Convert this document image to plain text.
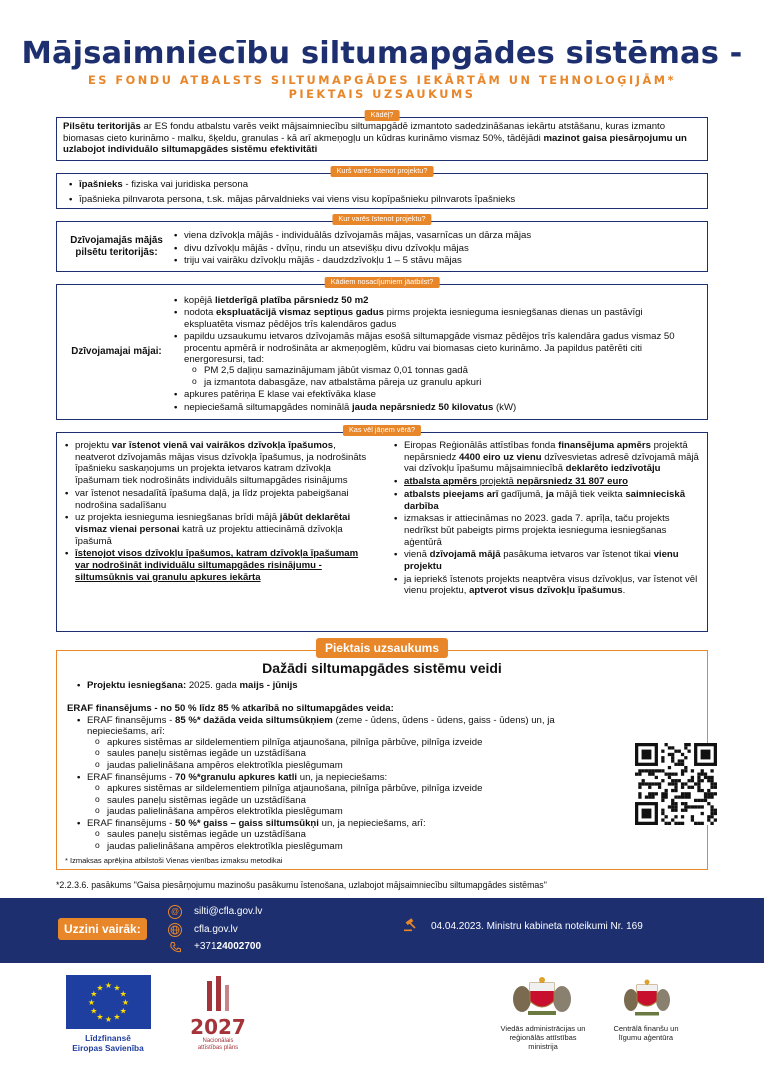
Mājsaimniecību siltumapgādes sistēmas -
ES FONDU ATBALSTS SILTUMAPGĀDES IEKĀRTĀM UN TEHNOLOĢIJĀM*
PIEKTAIS UZSAUKUMS
Kādēļ?
Pilsētu teritorijās ar ES fondu atbalstu varēs veikt mājsaimniecību siltumapgādē izmantoto sadedzināšanas iekārtu atstāšanu, kuras izmanto biomasas cieto kurināmo - malku, šķeldu, granulas - kā arī akmeņogļu un kūdras kurināmo vismaz 50%, tādējādi mazinot gaisa piesārņojumu un uzlabojot individuālo siltumapgādes sistēmu efektivitāti
Kurš varēs īstenot projektu?
• īpašnieks - fiziska vai juridiska persona
• īpašnieka pilnvarota persona, t.sk. mājas pārvaldnieks vai viens visu kopīpašnieku pilnvarots īpašnieks
Kur varēs īstenot projektu?
Dzīvojamajās mājās pilsētu teritorijās:
• viena dzīvokļa mājās - individuālās dzīvojamās mājas, vasarnīcas un dārza mājas
• divu dzīvokļu mājās - dvīņu, rindu un atsevišķu divu dzīvokļu mājas
• triju vai vairāku dzīvokļu mājās - daudzdzīvokļu 1 – 5 stāvu mājas
Kādiem nosacījumiem jāatbilst?
Dzīvojamajai mājai:
• kopējā lietderīgā platība pārsniedz 50 m2
• nodota ekspluatācijā vismaz septiņus gadus pirms projekta iesnieguma iesniegšanas dienas un pastāvīgi ekspluatēta vismaz pēdējos trīs kalendāros gadus
• papildu uzsaukumu ietvaros dzīvojamās mājas esošā siltumapgāde vismaz pēdējos trīs kalendāra gadus vismaz 50 procentu apmērā ir nodrošināta ar akmeņoglēm, kūdru vai biomasas cieto kurināmo. Ja papildus patērēti citi energoresursi, tad:
o PM 2,5 daļiņu samazinājumam jābūt vismaz 0,01 tonnas gadā
o ja izmantota dabasgāze, nav atbalstāma pāreja uz granulu apkuri
• apkures patēriņa E klase vai efektīvāka klase
• nepieciešamā siltumapgādes nominālā jauda nepārsniedz 50 kilovatus (kW)
Kas vēl jāņem vērā?
• projektu var īstenot vienā vai vairākos dzīvokļa īpašumos, neatverot dzīvojamās mājas visus dzīvokļa īpašumus, ja nodrošināts īpašnieku saskaņojums un projekta ietvaros katram dzīvokļa īpašumam tiek nodrošināts individuāls siltumapgādes risinājums
• var īstenot nesadalītā īpašuma daļā, ja līdz projekta pabeigšanai nodrošina sadalīšanu
• uz projekta iesnieguma iesniegšanas brīdi mājā jābūt deklarētai vismaz vienai personai katrā uz projektu attiecināmā dzīvokļa īpašumā
• īstenojot visos dzīvokļu īpašumos, katram dzīvokļa īpašumam var nodrošināt individuālu siltumapgādes risinājumu - siltumsūknis vai granulu apkures iekārta
• Eiropas Reģionālās attīstības fonda finansējuma apmērs projektā nepārsniedz 4400 eiro uz vienu dzīvesvietas adresē dzīvojamā mājā vai dzīvokļu īpašumu mājsaimniecībā deklarēto iedzīvotāju
• atbalsta apmērs projektā nepārsniedz 31 807 euro
• atbalsts pieejams arī gadījumā, ja mājā tiek veikta saimnieciskā darbība
• izmaksas ir attiecināmas no 2023. gada 7. aprīļa, taču projekts nedrīkst būt pabeigts pirms projekta iesnieguma iesniegšanas aģentūrā
• vienā dzīvojamā mājā pasākuma ietvaros var īstenot tikai vienu projektu
• ja iepriekš īstenots projekts neaptvēra visus dzīvokļus, var īstenot vēl vienu projektu, aptverot visus dzīvokļu īpašumus.
Piektais uzsaukums
Dažādi siltumapgādes sistēmu veidi
• Projektu iesniegšana: 2025. gada maijs - jūnijs
ERAF finansējums - no 50 % līdz 85 % atkarībā no siltumapgādes veida:
• ERAF finansējums - 85 %* dažāda veida siltumsūkņiem (zeme - ūdens, ūdens - ūdens, gaiss - ūdens) un, ja nepieciešams, arī:
o apkures sistēmas ar sildelementiem pilnīga atjaunošana, pilnīga pārbūve, pilnīga izveide
o saules paneļu sistēmas iegāde un uzstādīšana
o jaudas palielināšana ampēros elektrotīkla pieslēgumam
• ERAF finansējums - 70 %*granulu apkures katli un, ja nepieciešams:
o apkures sistēmas ar sildelementiem pilnīga atjaunošana, pilnīga pārbūve, pilnīga izveide
o saules paneļu sistēmas iegāde un uzstādīšana
o jaudas palielināšana ampēros elektrotīkla pieslēgumam
• ERAF finansējums - 50 %* gaiss – gaiss siltumsūkņi un, ja nepieciešams, arī:
o saules paneļu sistēmas iegāde un uzstādīšana
o jaudas palielināšana ampēros elektrotīkla pieslēgumam
* Izmaksas aprēķina atbilstoši Vienas vienības izmaksu metodikai
*2.2.3.6. pasākums "Gaisa piesārņojumu mazinošu pasākumu īstenošana, uzlabojot mājsaimniecību siltumapgādes sistēmas"
Uzzini vairāk:
@ silti@cfla.gov.lv
cfla.gov.lv
+371 24002700
04.04.2023. Ministru kabineta noteikumi Nr. 169
★ ★
★
★
★
★
★
★
★
★
★
★
Līdzfinansē
Eiropas Savienība
2027
Nacionālais
attīstības plāns
Viedās administrācijas un
reģionālās attīstības
ministrija
Centrālā finanšu un
līgumu aģentūra
